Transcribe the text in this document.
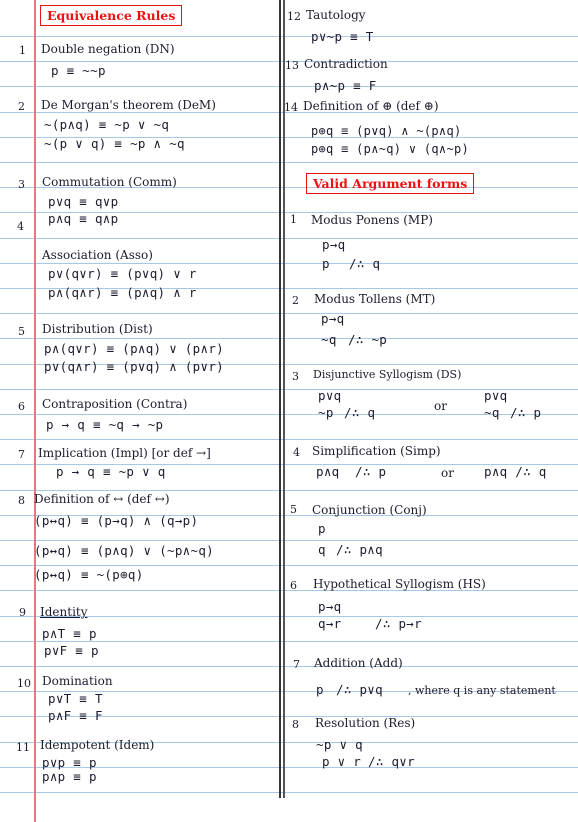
Equivalence Rules
1 Double negation (DN)
p ≡ ~~p
2 De Morgan's theorem (DeM)
~(p∧q) ≡ ~p ∨ ~q
~(p ∨ q) ≡ ~p ∧ ~q
3 Commutation (Comm)
p∨q ≡ q∨p
p∧q ≡ q∧p
4
Association (Asso)
p∨(q∨r) ≡ (p∨q) ∨ r
p∧(q∧r) ≡ (p∧q) ∧ r
5 Distribution (Dist)
p∧(q∨r) ≡ (p∧q) ∨ (p∧r)
p∨(q∧r) ≡ (p∨q) ∧ (p∨r)
6 Contraposition (Contra)
p → q ≡ ~q → ~p
7 Implication (Impl) [or def →]
p → q ≡ ~p ∨ q
8 Definition of ↔ (def ↔)
(p↔q) ≡ (p→q) ∧ (q→p)
(p↔q) ≡ (p∧q) ∨ (~p∧~q)
(p↔q) ≡ ~(p⊕q)
9 Identity
p∧T ≡ p
p∨F ≡ p
10 Domination
p∨T ≡ T
p∧F ≡ F
11 Idempotent (Idem)
p∨p ≡ p
p∧p ≡ p
12 Tautology
p∨~p ≡ T
13 Contradiction
p∧~p ≡ F
14 Definition of ⊕ (def ⊕)
p⊕q ≡ (p∨q) ∧ ~(p∧q)
p⊕q ≡ (p∧~q) ∨ (q∧~p)
Valid Argument forms
1 Modus Ponens (MP)
p→q
p /∴ q
2 Modus Tollens (MT)
p→q
~q /∴ ~p
3 Disjunctive Syllogism (DS)
p∨q
~p /∴ q	or
p∨q
~q /∴ p
4 Simplification (Simp)
p∧q /∴ p	or p∧q /∴ q
5 Conjunction (Conj)
p
q /∴ p∧q
6 Hypothetical Syllogism (HS)
p→q
q→r	/∴ p→r
7 Addition (Add)
p /∴ p∨q , where q is any statement
8 Resolution (Res)
~p ∨ q
p ∨ r /∴ q∨r
